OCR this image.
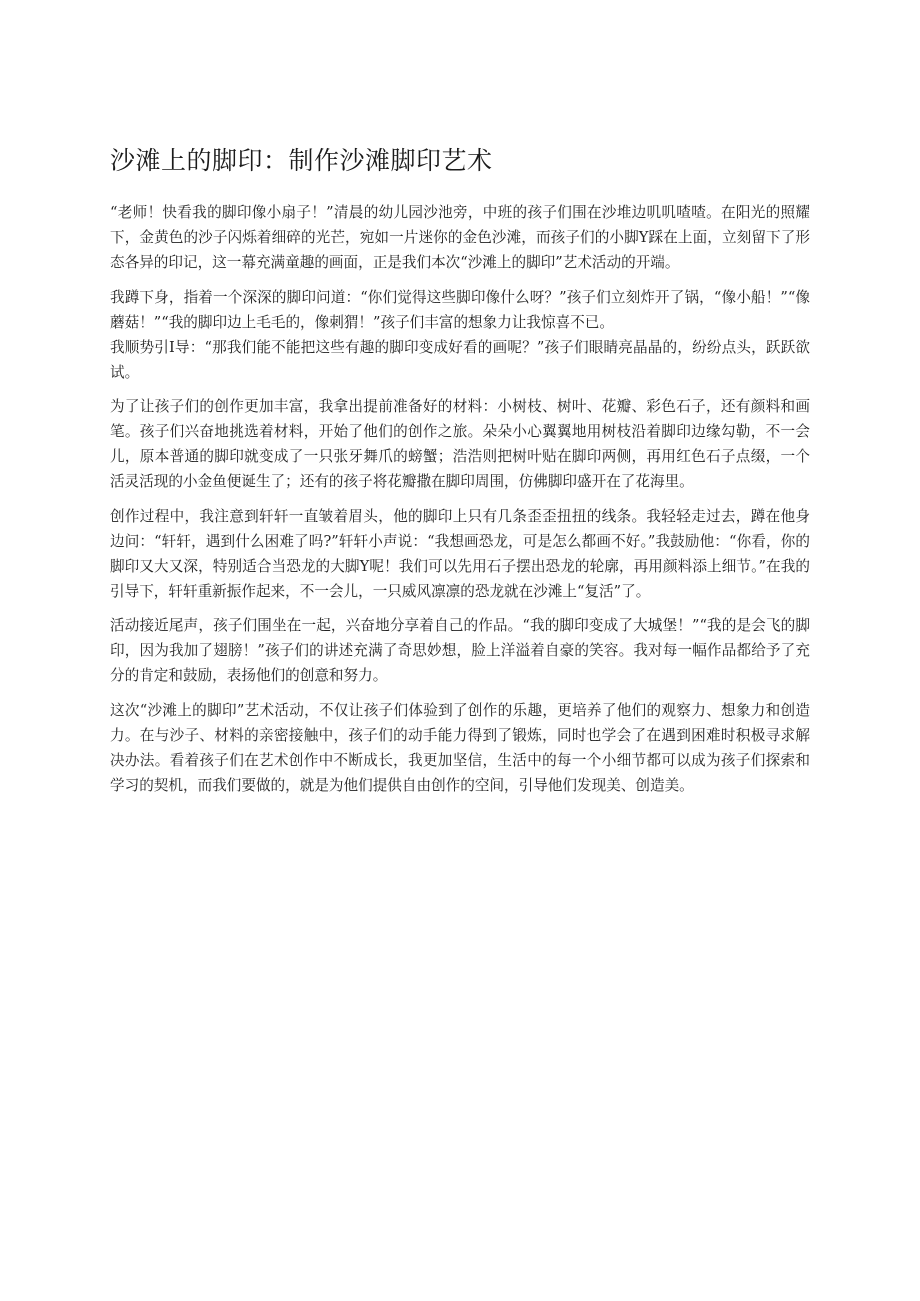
沙滩上的脚印：制作沙滩脚印艺术

“老师！快看我的脚印像小扇子！”清晨的幼儿园沙池旁，中班的孩子们围在沙堆边叽叽喳喳。在阳光的照耀下，金黄色的沙子闪烁着细碎的光芒，宛如一片迷你的金色沙滩，而孩子们的小脚Y踩在上面，立刻留下了形态各异的印记，这一幕充满童趣的画面，正是我们本次“沙滩上的脚印”艺术活动的开端。

我蹲下身，指着一个深深的脚印问道：“你们觉得这些脚印像什么呀？”孩子们立刻炸开了锅，“像小船！”“像蘑菇！”“我的脚印边上毛毛的，像刺猬！”孩子们丰富的想象力让我惊喜不已。

我顺势引I导：“那我们能不能把这些有趣的脚印变成好看的画呢？”孩子们眼睛亮晶晶的，纷纷点头，跃跃欲试。

为了让孩子们的创作更加丰富，我拿出提前准备好的材料：小树枝、树叶、花瓣、彩色石子，还有颜料和画笔。孩子们兴奋地挑选着材料，开始了他们的创作之旅。朵朵小心翼翼地用树枝沿着脚印边缘勾勒，不一会儿，原本普通的脚印就变成了一只张牙舞爪的螃蟹；浩浩则把树叶贴在脚印两侧，再用红色石子点缀，一个活灵活现的小金鱼便诞生了；还有的孩子将花瓣撒在脚印周围，仿佛脚印盛开在了花海里。

创作过程中，我注意到轩轩一直皱着眉头，他的脚印上只有几条歪歪扭扭的线条。我轻轻走过去，蹲在他身边问：“轩轩，遇到什么困难了吗?”轩轩小声说：“我想画恐龙，可是怎么都画不好。”我鼓励他：“你看，你的脚印又大又深，特别适合当恐龙的大脚Y呢！我们可以先用石子摆出恐龙的轮廓，再用颜料添上细节。”在我的引导下，轩轩重新振作起来，不一会儿，一只威风凛凛的恐龙就在沙滩上“复活”了。

活动接近尾声，孩子们围坐在一起，兴奋地分享着自己的作品。“我的脚印变成了大城堡！”“我的是会飞的脚印，因为我加了翅膀！”孩子们的讲述充满了奇思妙想，脸上洋溢着自豪的笑容。我对每一幅作品都给予了充分的肯定和鼓励，表扬他们的创意和努力。

这次“沙滩上的脚印”艺术活动，不仅让孩子们体验到了创作的乐趣，更培养了他们的观察力、想象力和创造力。在与沙子、材料的亲密接触中，孩子们的动手能力得到了锻炼，同时也学会了在遇到困难时积极寻求解决办法。看着孩子们在艺术创作中不断成长，我更加坚信，生活中的每一个小细节都可以成为孩子们探索和学习的契机，而我们要做的，就是为他们提供自由创作的空间，引导他们发现美、创造美。
